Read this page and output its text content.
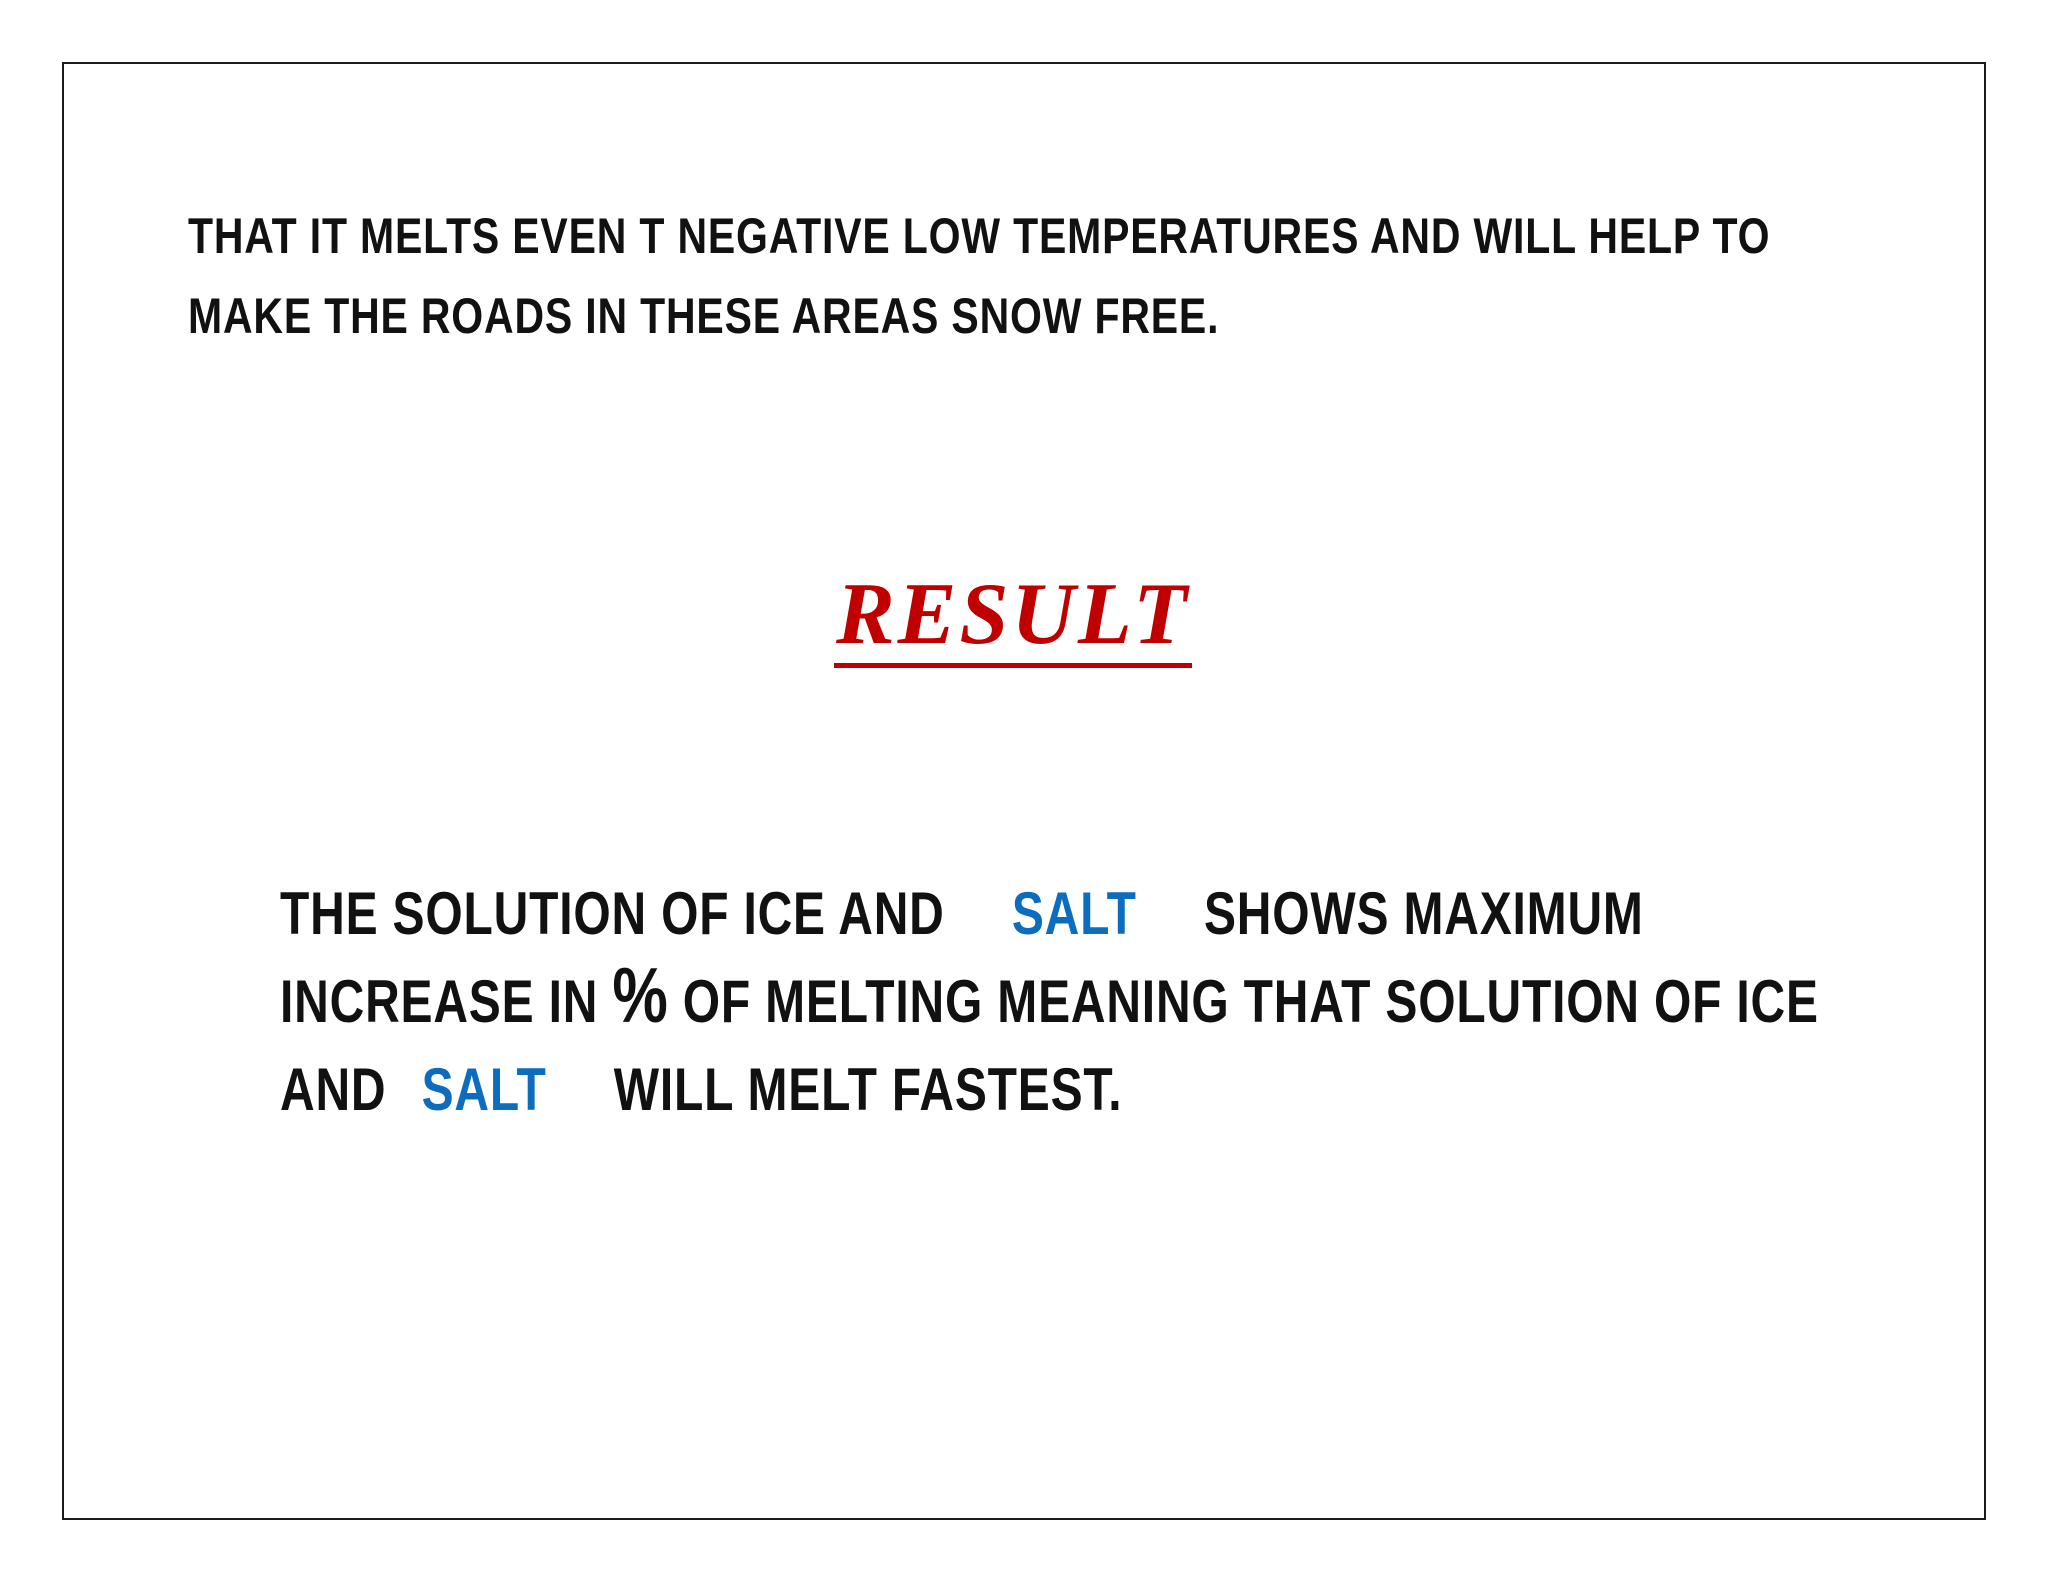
THAT IT MELTS EVEN T NEGATIVE LOW TEMPERATURES AND WILL HELP TO
MAKE THE ROADS IN THESE AREAS SNOW FREE.

RESULT

THE SOLUTION OF ICE AND SALT SHOWS MAXIMUM
INCREASE IN % OF MELTING MEANING THAT SOLUTION OF ICE
AND SALT WILL MELT FASTEST.
